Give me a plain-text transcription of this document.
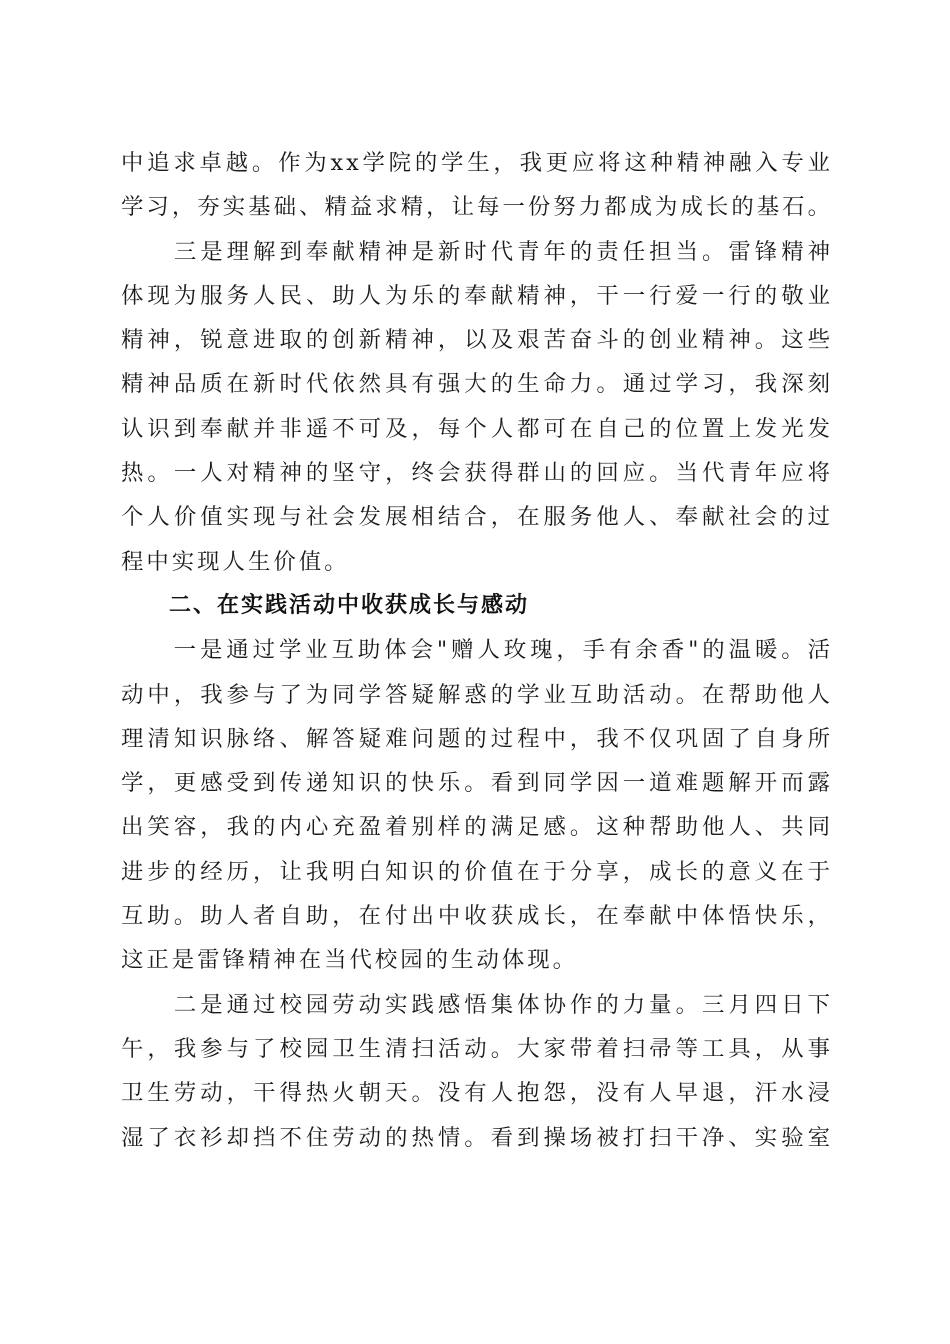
中追求卓越。作为xx学院的学生，我更应将这种精神融入专业
学习，夯实基础、精益求精，让每一份努力都成为成长的基石。
　　三是理解到奉献精神是新时代青年的责任担当。雷锋精神
体现为服务人民、助人为乐的奉献精神，干一行爱一行的敬业
精神，锐意进取的创新精神，以及艰苦奋斗的创业精神。这些
精神品质在新时代依然具有强大的生命力。通过学习，我深刻
认识到奉献并非遥不可及，每个人都可在自己的位置上发光发
热。一人对精神的坚守，终会获得群山的回应。当代青年应将
个人价值实现与社会发展相结合，在服务他人、奉献社会的过
程中实现人生价值。
　　二、在实践活动中收获成长与感动
　　一是通过学业互助体会"赠人玫瑰，手有余香"的温暖。活
动中，我参与了为同学答疑解惑的学业互助活动。在帮助他人
理清知识脉络、解答疑难问题的过程中，我不仅巩固了自身所
学，更感受到传递知识的快乐。看到同学因一道难题解开而露
出笑容，我的内心充盈着别样的满足感。这种帮助他人、共同
进步的经历，让我明白知识的价值在于分享，成长的意义在于
互助。助人者自助，在付出中收获成长，在奉献中体悟快乐，
这正是雷锋精神在当代校园的生动体现。
　　二是通过校园劳动实践感悟集体协作的力量。三月四日下
午，我参与了校园卫生清扫活动。大家带着扫帚等工具，从事
卫生劳动，干得热火朝天。没有人抱怨，没有人早退，汗水浸
湿了衣衫却挡不住劳动的热情。看到操场被打扫干净、实验室
